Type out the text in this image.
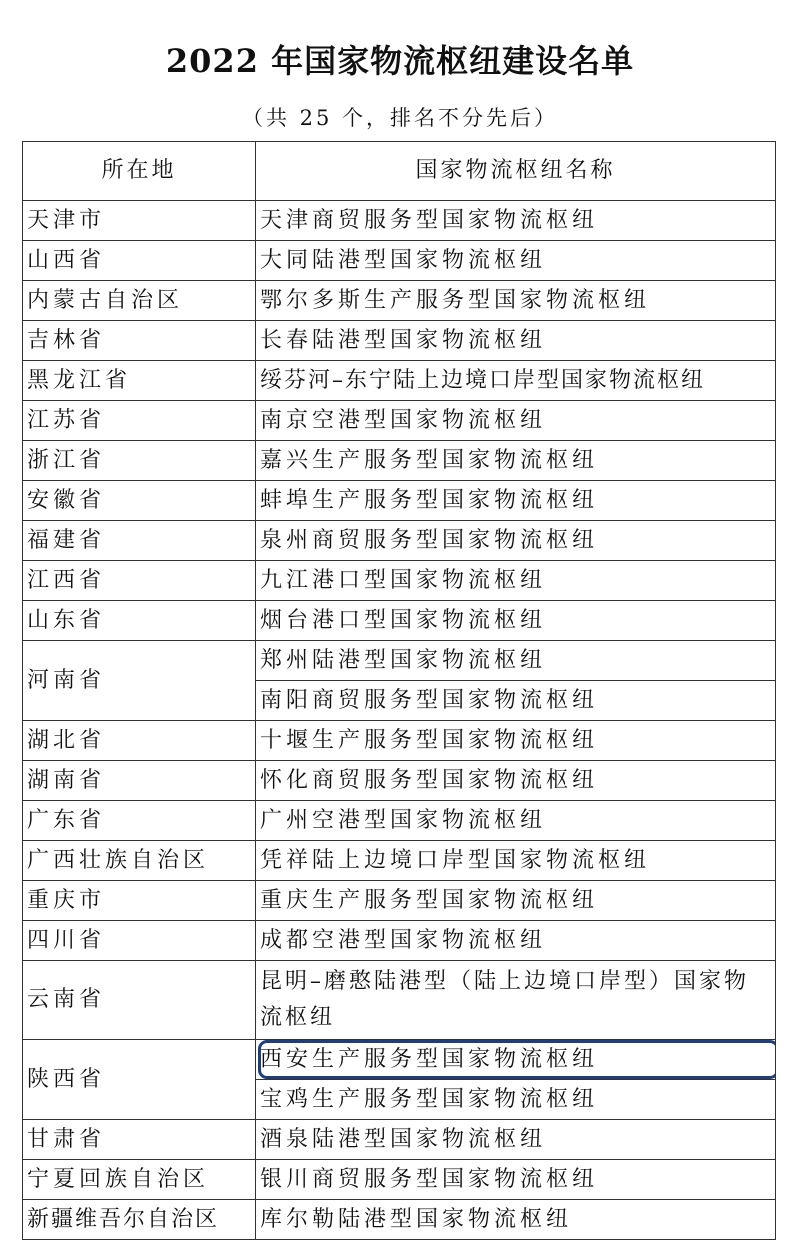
2022 年国家物流枢纽建设名单
（共 25 个，排名不分先后）
所在地	国家物流枢纽名称
天津市	天津商贸服务型国家物流枢纽
山西省	大同陆港型国家物流枢纽
内蒙古自治区	鄂尔多斯生产服务型国家物流枢纽
吉林省	长春陆港型国家物流枢纽
黑龙江省	绥芬河–东宁陆上边境口岸型国家物流枢纽
江苏省	南京空港型国家物流枢纽
浙江省	嘉兴生产服务型国家物流枢纽
安徽省	蚌埠生产服务型国家物流枢纽
福建省	泉州商贸服务型国家物流枢纽
江西省	九江港口型国家物流枢纽
山东省	烟台港口型国家物流枢纽
河南省	郑州陆港型国家物流枢纽
	南阳商贸服务型国家物流枢纽
湖北省	十堰生产服务型国家物流枢纽
湖南省	怀化商贸服务型国家物流枢纽
广东省	广州空港型国家物流枢纽
广西壮族自治区	凭祥陆上边境口岸型国家物流枢纽
重庆市	重庆生产服务型国家物流枢纽
四川省	成都空港型国家物流枢纽
云南省	昆明–磨憨陆港型（陆上边境口岸型）国家物流枢纽
陕西省	西安生产服务型国家物流枢纽

	宝鸡生产服务型国家物流枢纽
甘肃省	酒泉陆港型国家物流枢纽
宁夏回族自治区	银川商贸服务型国家物流枢纽
新疆维吾尔自治区	库尔勒陆港型国家物流枢纽
